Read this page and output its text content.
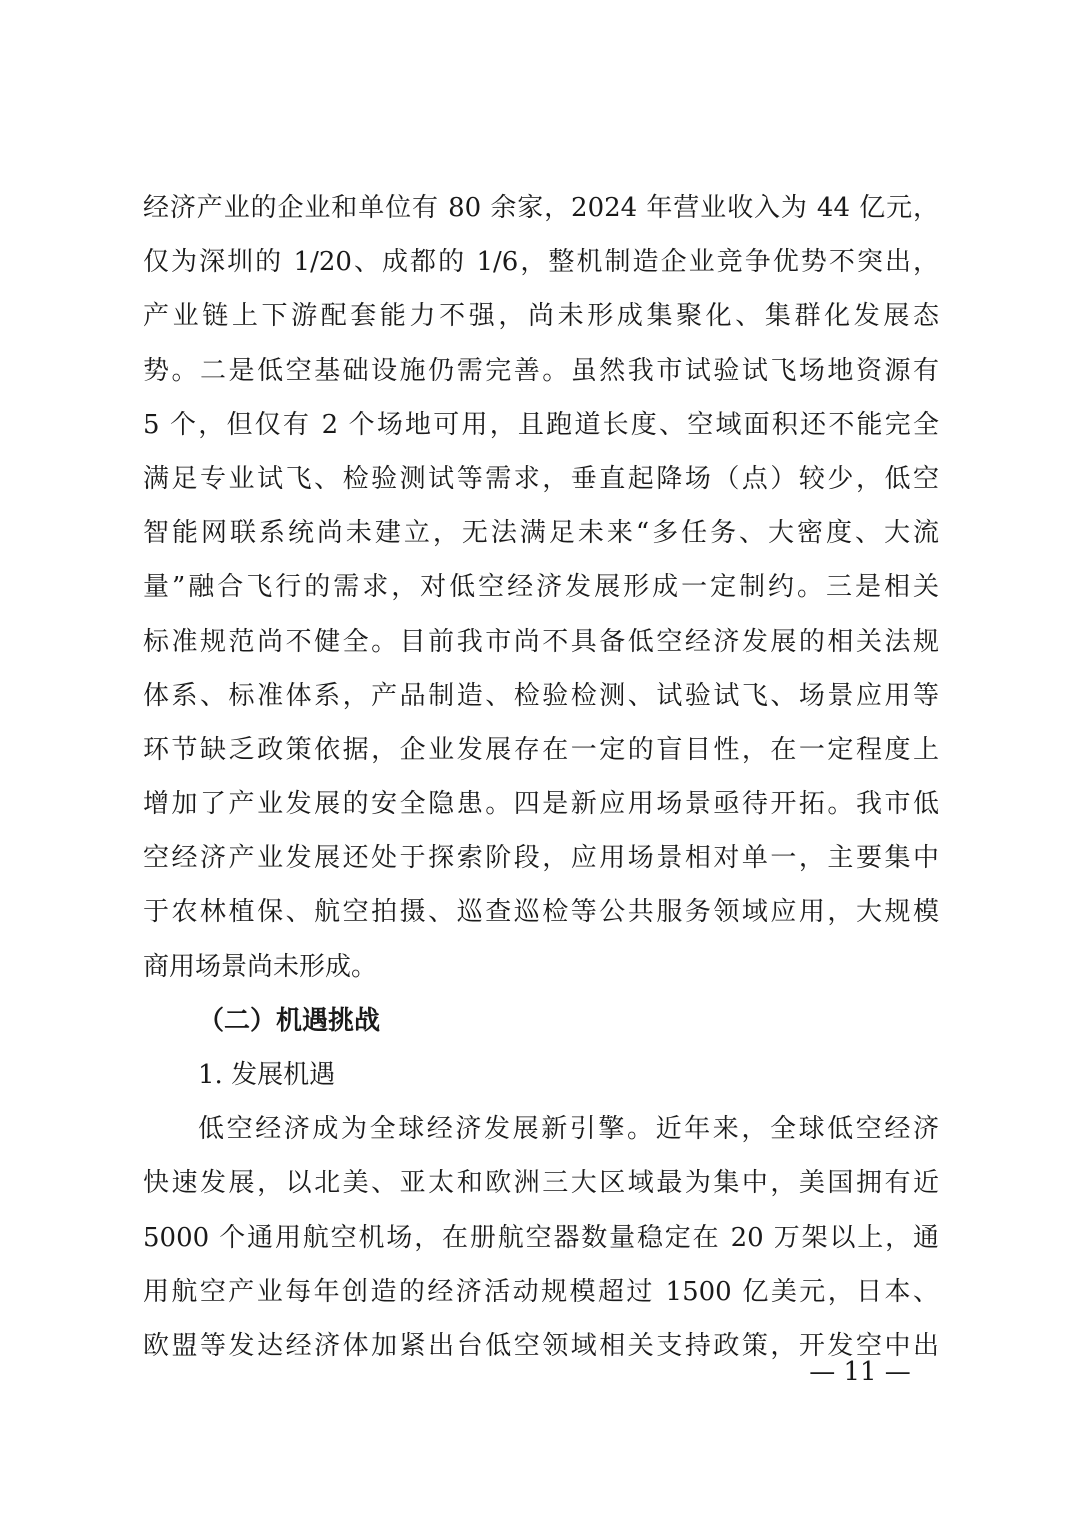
经济产业的企业和单位有 80 余家，2024 年营业收入为 44 亿元，
仅为深圳的 1/20、成都的 1/6，整机制造企业竞争优势不突出，
产业链上下游配套能力不强，尚未形成集聚化、集群化发展态
势。二是低空基础设施仍需完善。虽然我市试验试飞场地资源有
5 个，但仅有 2 个场地可用，且跑道长度、空域面积还不能完全
满足专业试飞、检验测试等需求，垂直起降场（点）较少，低空
智能网联系统尚未建立，无法满足未来“多任务、大密度、大流
量”融合飞行的需求，对低空经济发展形成一定制约。三是相关
标准规范尚不健全。目前我市尚不具备低空经济发展的相关法规
体系、标准体系，产品制造、检验检测、试验试飞、场景应用等
环节缺乏政策依据，企业发展存在一定的盲目性，在一定程度上
增加了产业发展的安全隐患。四是新应用场景亟待开拓。我市低
空经济产业发展还处于探索阶段，应用场景相对单一，主要集中
于农林植保、航空拍摄、巡查巡检等公共服务领域应用，大规模
商用场景尚未形成。
（二）机遇挑战
1. 发展机遇
低空经济成为全球经济发展新引擎。近年来，全球低空经济
快速发展，以北美、亚太和欧洲三大区域最为集中，美国拥有近
5000 个通用航空机场，在册航空器数量稳定在 20 万架以上，通
用航空产业每年创造的经济活动规模超过 1500 亿美元，日本、
欧盟等发达经济体加紧出台低空领域相关支持政策，开发空中出
— 11 —
